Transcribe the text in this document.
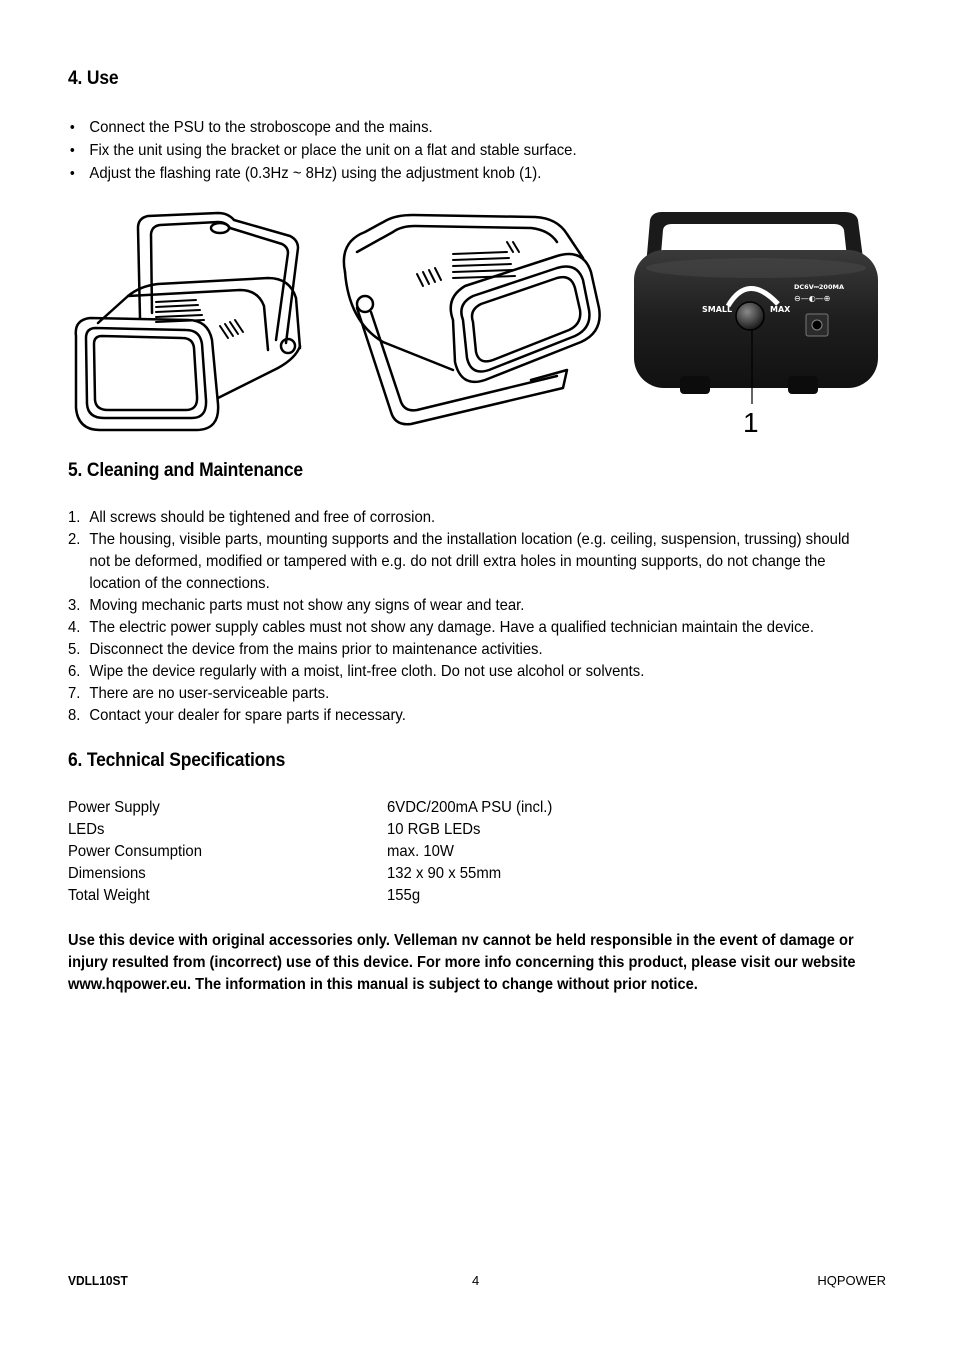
4. Use
• Connect the PSU to the stroboscope and the mains.
• Fix the unit using the bracket or place the unit on a flat and stable surface.
• Adjust the flashing rate (0.3Hz ~ 8Hz) using the adjustment knob (1).
SMALL	MAX
DC6V⎓200MA
⊖—◐—⊕
1
5. Cleaning and Maintenance
1. All screws should be tightened and free of corrosion.
2. The housing, visible parts, mounting supports and the installation location (e.g. ceiling, suspension, trussing) should not be deformed, modified or tampered with e.g. do not drill extra holes in mounting supports, do not change the location of the connections.
3. Moving mechanic parts must not show any signs of wear and tear.
4. The electric power supply cables must not show any damage. Have a qualified technician maintain the device.
5. Disconnect the device from the mains prior to maintenance activities.
6. Wipe the device regularly with a moist, lint-free cloth. Do not use alcohol or solvents.
7. There are no user-serviceable parts.
8. Contact your dealer for spare parts if necessary.
6. Technical Specifications
Power Supply	6VDC/200mA PSU (incl.)
LEDs	10 RGB LEDs
Power Consumption	max. 10W
Dimensions	132 x 90 x 55mm
Total Weight	155g
Use this device with original accessories only. Velleman nv cannot be held responsible in the event of damage or injury resulted from (incorrect) use of this device. For more info concerning this product, please visit our website www.hqpower.eu. The information in this manual is subject to change without prior notice.
VDLL10ST	4	HQPOWER
